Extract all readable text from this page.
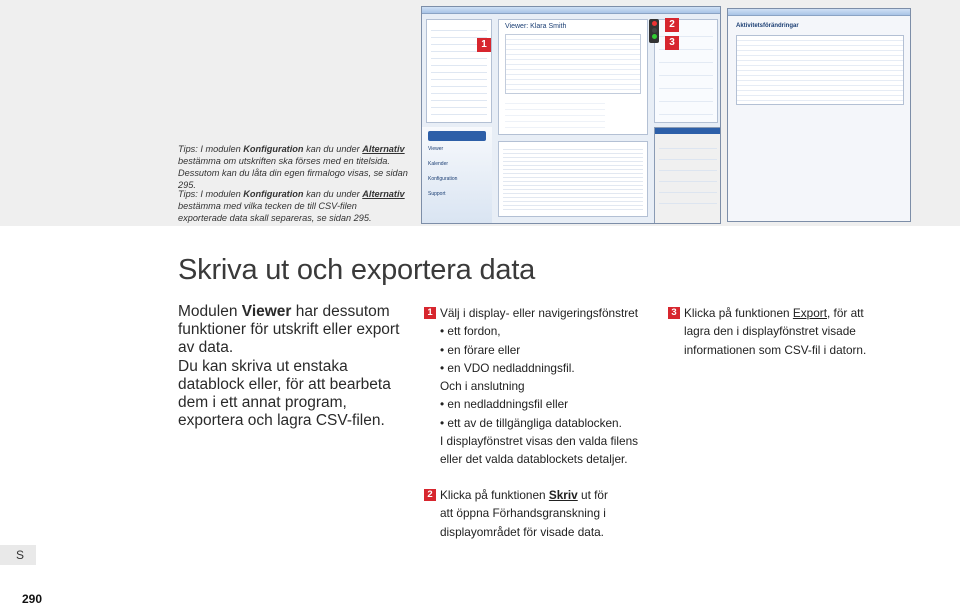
Tips: I modulen Konfiguration kan du under Alternativ bestämma om utskriften ska förses med en titelsida. Dessutom kan du låta din egen firmalogo visas, se sidan 295.
Tips: I modulen Konfiguration kan du under Alternativ bestämma med vilka tecken de till CSV-filen exporterade data skall separeras, se sidan 295.
Aktivitetsförändringar
Viewer
Kalender
Konfiguration
Support
Viewer: Klara Smith
1
2
3
Skriva ut och exportera data
Modulen Viewer har dessutom funktioner för utskrift eller export av data.
Du kan skriva ut enstaka datablock eller, för att bearbeta dem i ett annat program, exportera och lagra CSV-filen.
1 Välj i display- eller navigeringsfönstret
• ett fordon,
• en förare eller
• en VDO nedladdningsfil.
Och i anslutning
• en nedladdningsfil eller
• ett av de tillgängliga datablocken.
I displayfönstret visas den valda filens
eller det valda datablockets detaljer.
2 Klicka på funktionen Skriv ut för
att öppna Förhandsgranskning i
displayområdet för visade data.
3 Klicka på funktionen Export, för att
lagra den i displayfönstret visade
informationen som CSV-fil i datorn.
S
290
